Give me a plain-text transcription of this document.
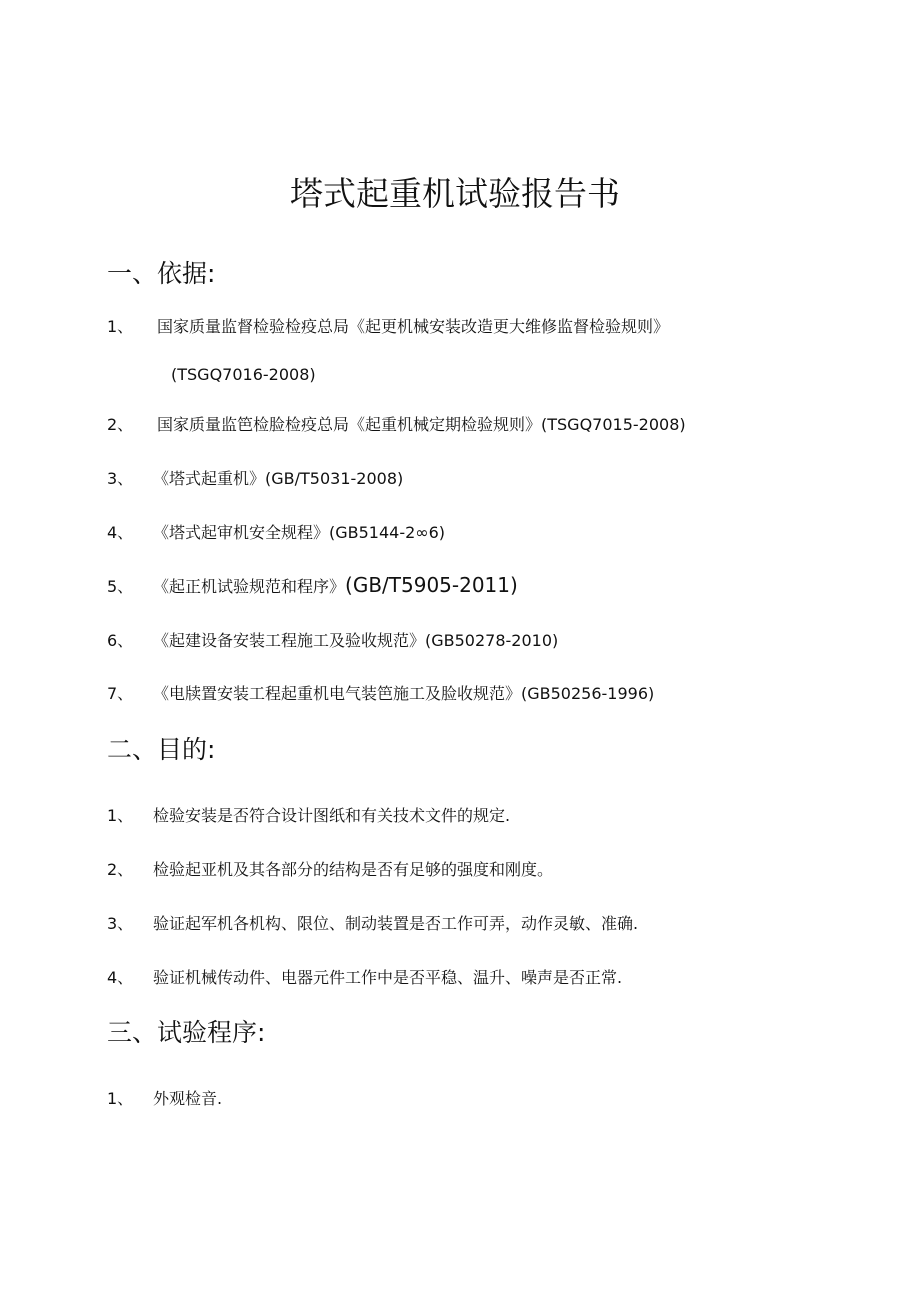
塔式起重机试验报告书
一、依据:
1、 国家质量监督检验检疫总局《起更机械安装改造更大维修监督检验规则》
(TSGQ7016-2008)
2、 国家质量监笆检脸检疫总局《起重机械定期检验规则》(TSGQ7015-2008)
3、 《塔式起重机》(GB/T5031-2008)
4、 《塔式起审机安全规程》(GB5144-2∞6)
5、 《起正机试验规范和程序》(GB/T5905-2011)
6、 《起建设备安装工程施工及验收规范》(GB50278-2010)
7、 《电牍置安装工程起重机电气装笆施工及脸收规范》(GB50256-1996)
二、目的:
1、 检验安装是否符合设计图纸和有关技术文件的规定.
2、 检验起亚机及其各部分的结构是否有足够的强度和刚度。
3、 验证起军机各机构、限位、制动装置是否工作可弄，动作灵敏、准确.
4、 验证机械传动件、电器元件工作中是否平稳、温升、噪声是否正常.
三、试验程序:
1、 外观检音.
